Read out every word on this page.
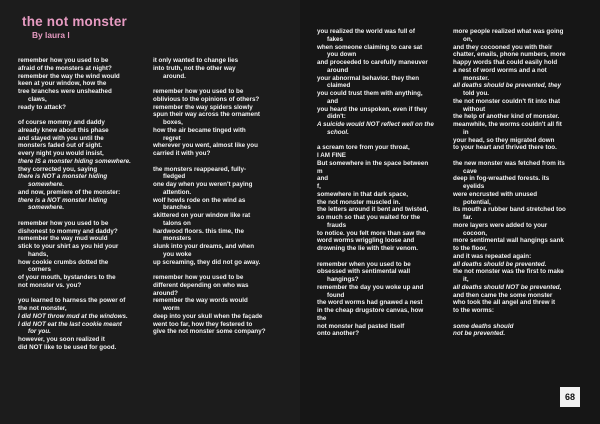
the not monster
By laura l
remember how you used to be
afraid of the monsters at night?
remember the way the wind would
keen at your window, how the
tree branches were unsheathed
claws,
ready to attack?
of course mommy and daddy
already knew about this phase
and stayed with you until the
monsters faded out of sight.
every night you would insist,
there IS a monster hiding somewhere.
they corrected you, saying
there is NOT a monster hiding
somewhere.
and now, premiere of the monster:
there is a NOT monster hiding
somewhere.
remember how you used to be
dishonest to mommy and daddy?
remember the way mud would
stick to your shirt as you hid your
hands,
how cookie crumbs dotted the
corners
of your mouth, bystanders to the
not monster vs. you?
you learned to harness the power of
the not monster,
I did NOT throw mud at the windows.
I did NOT eat the last cookie meant
for you.
however, you soon realized it
did NOT like to be used for good.
it only wanted to change lies
into truth, not the other way
around.
remember how you used to be
oblivious to the opinions of others?
remember the way spiders slowly
spun their way across the ornament
boxes,
how the air became tinged with
regret
wherever you went, almost like you
carried it with you?
the monsters reappeared, fully-
fledged
one day when you weren't paying
attention.
wolf howls rode on the wind as
branches
skittered on your window like rat
talons on
hardwood floors. this time, the
monsters
slunk into your dreams, and when
you woke
up screaming, they did not go away.
remember how you used to be
different depending on who was
around?
remember the way words would
worm
deep into your skull when the façade
went too far, how they festered to
give the not monster some company?
you realized the world was full of
fakes
when someone claiming to care sat
you down
and proceeded to carefully maneuver
around
your abnormal behavior. they then
claimed
you could trust them with anything,
and
you heard the unspoken, even if they
didn't:
A suicide would NOT reflect well on the
school.
a scream tore from your throat,
I AM FINE
But somewhere in the space between
m
and
f,
somewhere in that dark space,
the not monster muscled in.
the letters around it bent and twisted,
so much so that you waited for the
frauds
to notice. you felt more than saw the
word worms wriggling loose and
drowning the lie with their venom.
remember when you used to be
obsessed with sentimental wall
hangings?
remember the day you woke up and
found
the word worms had gnawed a nest
in the cheap drugstore canvas, how
the
not monster had pasted itself
onto another?
more people realized what was going
on,
and they cocooned you with their
chatter, emails, phone numbers, more
happy words that could easily hold
a nest of word worms and a not
monster.
all deaths should be prevented, they
told you.
the not monster couldn't fit into that
without
the help of another kind of monster.
meanwhile, the worms couldn't all fit
in
your head, so they migrated down
to your heart and thrived there too.
the new monster was fetched from its
cave
deep in fog-wreathed forests. its
eyelids
were encrusted with unused
potential,
its mouth a rubber band stretched too
far.
more layers were added to your
cocoon,
more sentimental wall hangings sank
to the floor,
and it was repeated again:
all deaths should be prevented.
the not monster was the first to make
it,
all deaths should NOT be prevented,
and then came the some monster
who took the all angel and threw it
to the worms:
some deaths should
not be prevented.
68
